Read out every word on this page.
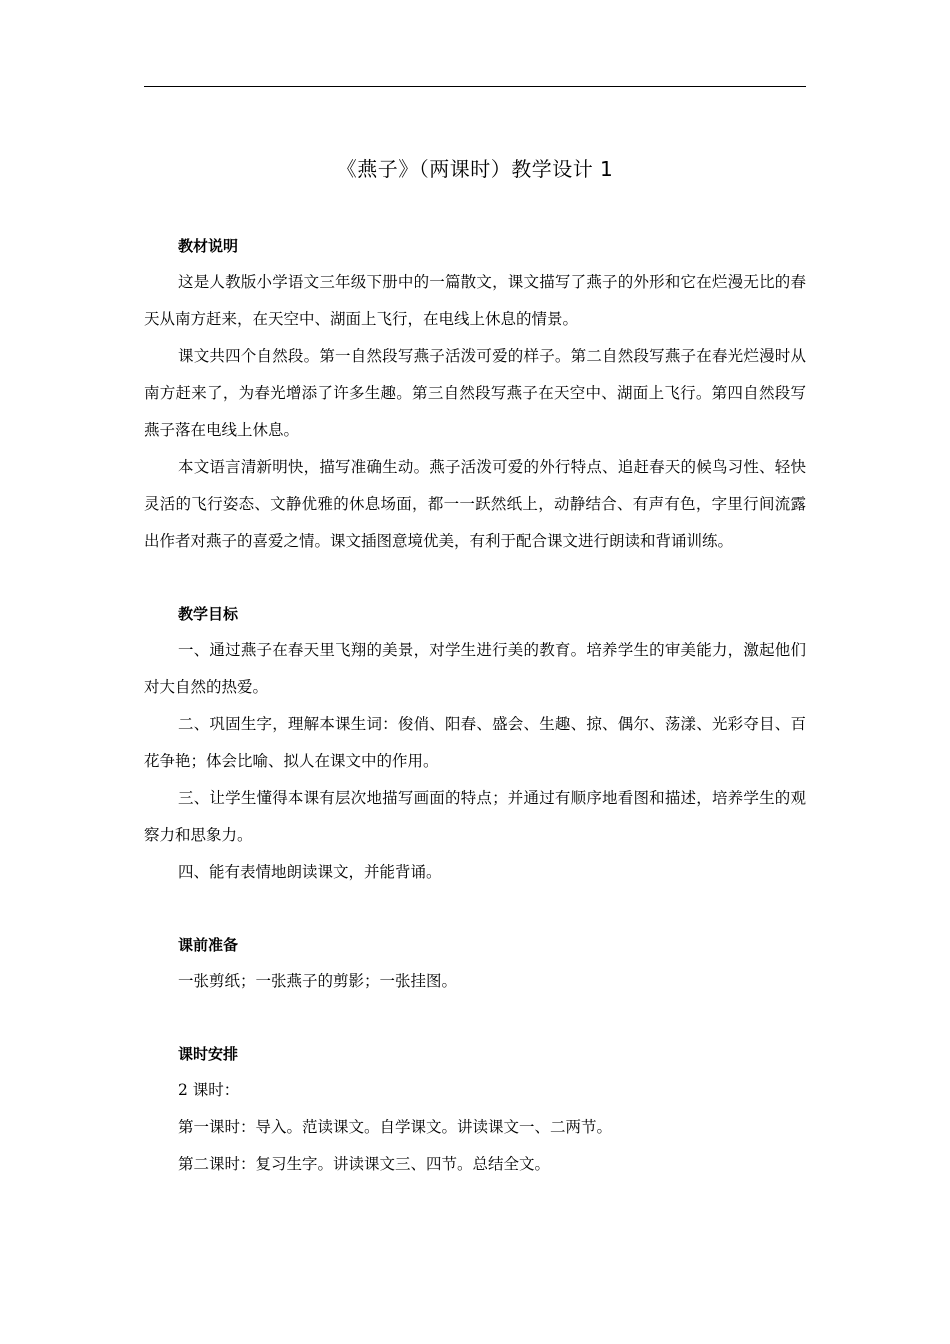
《燕子》（两课时）教学设计 1
教材说明

这是人教版小学语文三年级下册中的一篇散文，课文描写了燕子的外形和它在烂漫无比的春天从南方赶来，在天空中、湖面上飞行，在电线上休息的情景。

课文共四个自然段。第一自然段写燕子活泼可爱的样子。第二自然段写燕子在春光烂漫时从南方赶来了，为春光增添了许多生趣。第三自然段写燕子在天空中、湖面上飞行。第四自然段写燕子落在电线上休息。

本文语言清新明快，描写准确生动。燕子活泼可爱的外行特点、追赶春天的候鸟习性、轻快灵活的飞行姿态、文静优雅的休息场面，都一一跃然纸上，动静结合、有声有色，字里行间流露出作者对燕子的喜爱之情。课文插图意境优美，有利于配合课文进行朗读和背诵训练。

教学目标

一、通过燕子在春天里飞翔的美景，对学生进行美的教育。培养学生的审美能力，激起他们对大自然的热爱。

二、巩固生字，理解本课生词：俊俏、阳春、盛会、生趣、掠、偶尔、荡漾、光彩夺目、百花争艳；体会比喻、拟人在课文中的作用。

三、让学生懂得本课有层次地描写画面的特点；并通过有顺序地看图和描述，培养学生的观察力和思象力。

四、能有表情地朗读课文，并能背诵。

课前准备

一张剪纸；一张燕子的剪影；一张挂图。

课时安排

2 课时：

第一课时：导入。范读课文。自学课文。讲读课文一、二两节。

第二课时：复习生字。讲读课文三、四节。总结全文。
